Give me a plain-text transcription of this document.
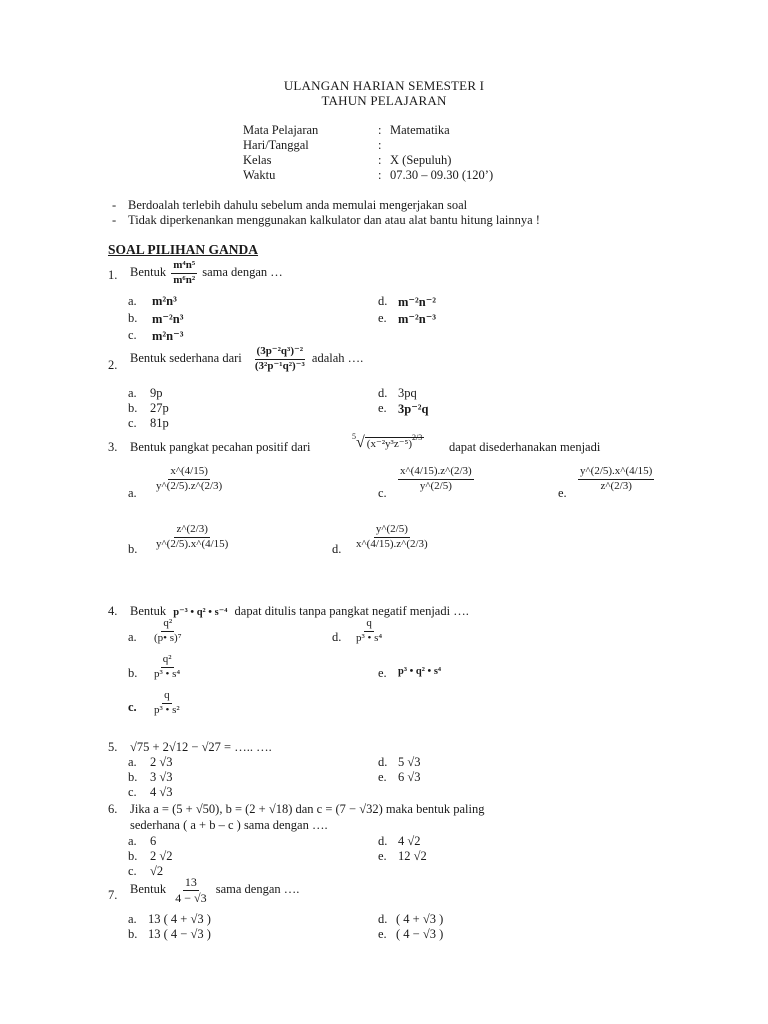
ULANGAN HARIAN SEMESTER I
TAHUN PELAJARAN
Mata Pelajaran	: Matematika
Hari/Tanggal	:
Kelas	: X (Sepuluh)
Waktu	: 07.30 – 09.30 (120’)
- Berdoalah terlebih dahulu sebelum anda memulai mengerjakan soal
- Tidak diperkenankan menggunakan kalkulator dan atau alat bantu hitung lainnya !
SOAL PILIHAN GANDA
1. Bentuk $\frac{\text{m⁴n⁵}}{\text{m⁶n²}}$ sama dengan …
a. m²n³
b. m⁻²n³
c. m²n⁻³
d. m⁻²n⁻²
e. m⁻²n⁻³
2.
Bentuk sederhana dari $\frac{\text{(3p⁻²q³)⁻²}}{\text{(3²p⁻¹q²)⁻³}}$ adalah ….
a. 9p
b. 27p
c. 81p
d. 3pq
e. 3p⁻²q
3. Bentuk pangkat pecahan positif dari
$^5$√ $(x^{-2}y^3z^{-5})^{2/3}$
dapat disederhanakan menjadi
a.
$\frac{x\^{}(4/15)}{y\^{}(2/5).z\^{}(2/3)}$
c.
$\frac{x\^{}(4/15).z\^{}(2/3)}{y\^{}(2/5)}$
e.
$\frac{y\^{}(2/5).x\^{}(4/15)}{z\^{}(2/3)}$
b. $\frac{z\^{}(2/3)}{y\^{}(2/5).x\^{}(4/15)}$	d. $\frac{y\^{}(2/5)}{x\^{}(4/15).z\^{}(2/3)}$
4. Bentuk p⁻³ • q² • s⁻⁴ dapat ditulis tanpa pangkat negatif menjadi ….
a. $\frac{\text{q²}}{\text{(p• s)⁷}}$	d. $\frac{q}{\text{p³ • s⁴}}$
b. $\frac{\text{q²}}{\text{p³ • s⁴}}$	e. p³ • q² • s⁴
c. $\frac{q}{\text{p³ • s²}}$
5. √75 + 2√12 − √27 = ….. ….
a. 2 √3
b. 3 √3
c. 4 √3
d. 5 √3
e. 6 √3
6. Jika a = (5 + √50), b = (2 + √18) dan c = (7 − √32) maka bentuk paling
sederhana ( a + b – c ) sama dengan ….
a. 6
b. 2 √2
c. √2
d. 4 √2
e. 12 √2
7. Bentuk $\frac{13}{4 - √3}$ sama dengan ….
a. 13 ( 4 + √3 )
b. 13 ( 4 − √3 )
d. ( 4 + √3 )
e. ( 4 − √3 )
